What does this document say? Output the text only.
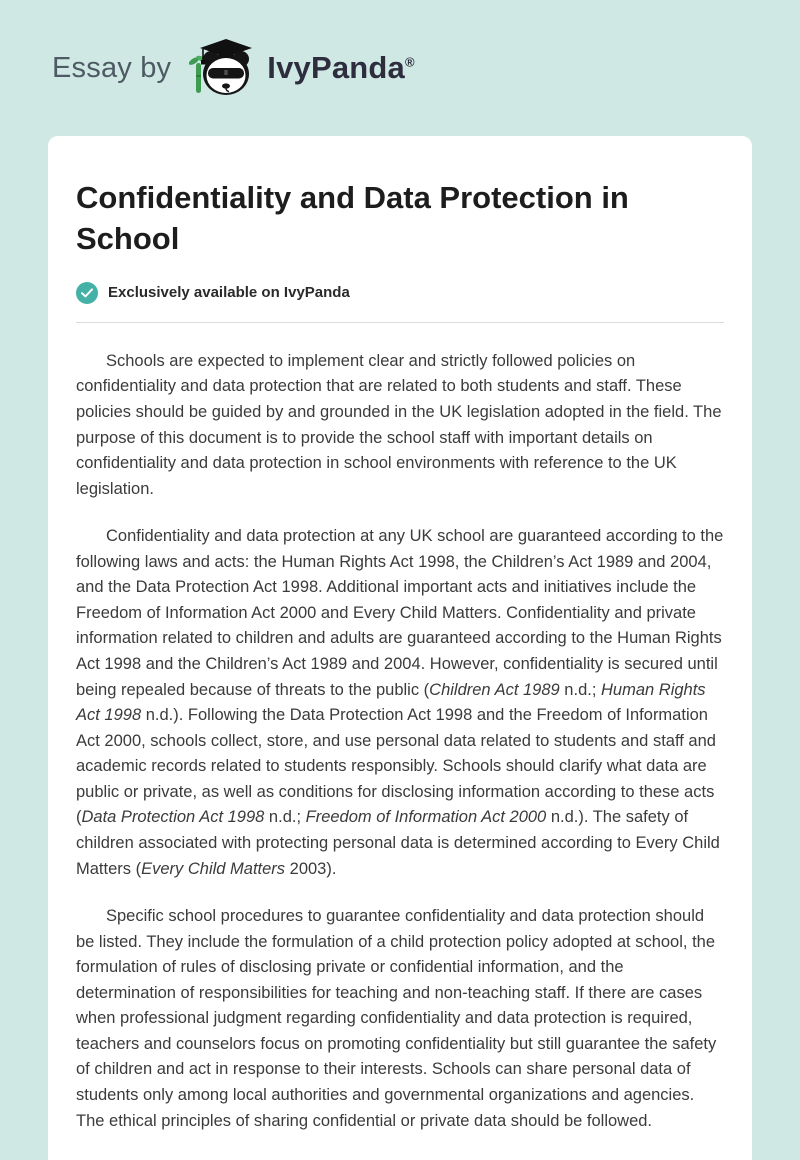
Essay by	IvyPanda®
Confidentiality and Data Protection in School
Exclusively available on IvyPanda

Schools are expected to implement clear and strictly followed policies on confidentiality and data protection that are related to both students and staff. These policies should be guided by and grounded in the UK legislation adopted in the field. The purpose of this document is to provide the school staff with important details on confidentiality and data protection in school environments with reference to the UK legislation.

Confidentiality and data protection at any UK school are guaranteed according to the following laws and acts: the Human Rights Act 1998, the Children’s Act 1989 and 2004, and the Data Protection Act 1998. Additional important acts and initiatives include the Freedom of Information Act 2000 and Every Child Matters. Confidentiality and private information related to children and adults are guaranteed according to the Human Rights Act 1998 and the Children’s Act 1989 and 2004. However, confidentiality is secured until being repealed because of threats to the public (Children Act 1989 n.d.; Human Rights Act 1998 n.d.). Following the Data Protection Act 1998 and the Freedom of Information Act 2000, schools collect, store, and use personal data related to students and staff and academic records related to students responsibly. Schools should clarify what data are public or private, as well as conditions for disclosing information according to these acts (Data Protection Act 1998 n.d.; Freedom of Information Act 2000 n.d.). The safety of children associated with protecting personal data is determined according to Every Child Matters (Every Child Matters 2003).

Specific school procedures to guarantee confidentiality and data protection should be listed. They include the formulation of a child protection policy adopted at school, the formulation of rules of disclosing private or confidential information, and the determination of responsibilities for teaching and non-teaching staff. If there are cases when professional judgment regarding confidentiality and data protection is required, teachers and counselors focus on promoting confidentiality but still guarantee the safety of children and act in response to their interests. Schools can share personal data of students only among local authorities and governmental organizations and agencies. The ethical principles of sharing confidential or private data should be followed.
